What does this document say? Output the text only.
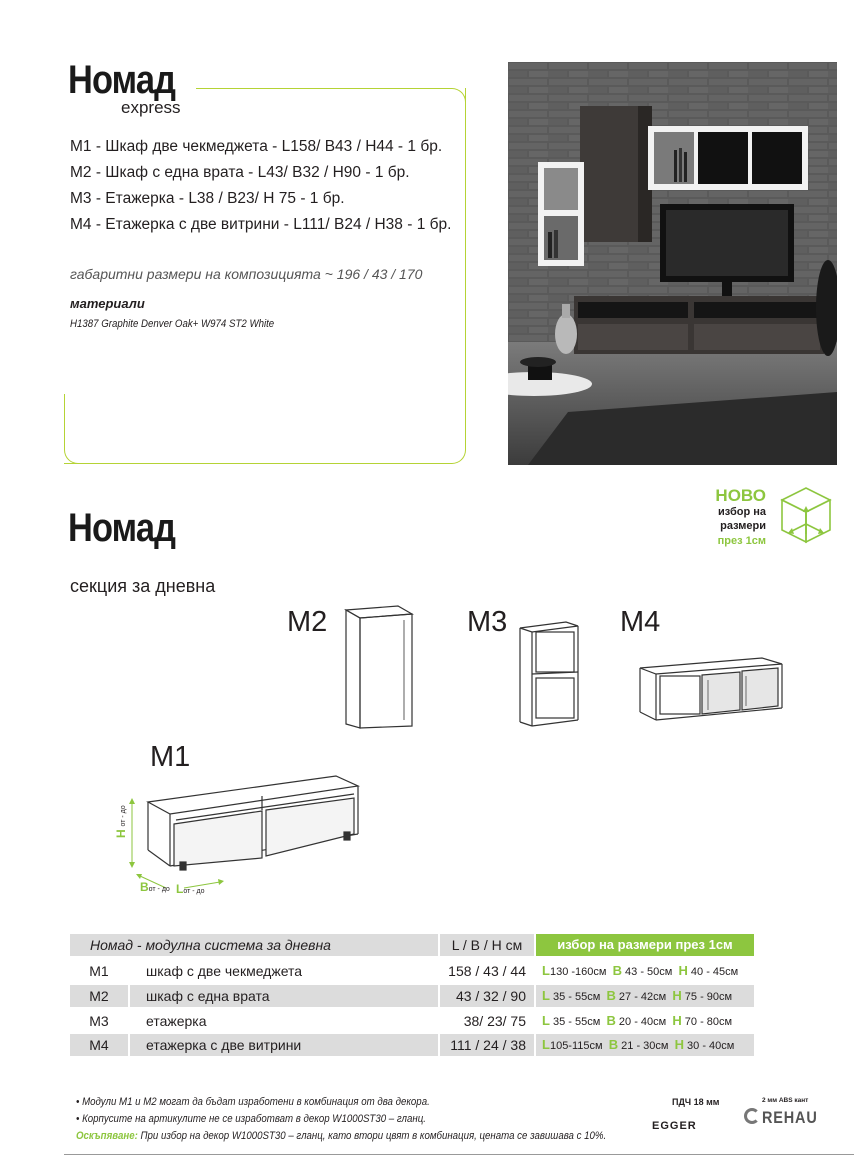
Номад
express
М1 - Шкаф две чекмеджета - L158/ B43 / H44 - 1 бр.
М2 - Шкаф с една врата - L43/ B32 / H90 - 1 бр.
М3 - Етажерка - L38 / B23/ H 75 - 1 бр.
М4 - Етажерка с две витрини - L111/ B24 / H38 - 1 бр.
габаритни размери на композицията ~ 196 / 43 / 170
материали
H1387 Graphite Denver Oak+ W974 ST2 White
НОВО
избор на
размери
през 1см
Номад
секция за дневна
M2	M3	M4
M1
H от - до
Bот - до Lот - до
Номад - модулна система за дневна	L / B / H см	избор на размери през 1см
М1	шкаф с две чекмеджета	158 / 43 / 44	L130 -160см B 43 - 50см H 40 - 45см
М2	шкаф с една врата	43 / 32 / 90	L 35 - 55см B 27 - 42см H 75 - 90см
М3	етажерка	38/ 23/ 75	L 35 - 55см B 20 - 40см H 70 - 80см
М4	етажерка с две витрини	111 / 24 / 38	L105-115см B 21 - 30см H 30 - 40см
• Модули М1 и М2 могат да бъдат изработени в комбинация от два декора.
• Корпусите на артикулите не се изработват в декор W1000ST30 – гланц.
Оскъпяване: При избор на декор W1000ST30 – гланц, като втори цвят в комбинация, цената се завишава с 10%.
ПДЧ 18 мм
EGGER
2 мм ABS кант
REHAU
